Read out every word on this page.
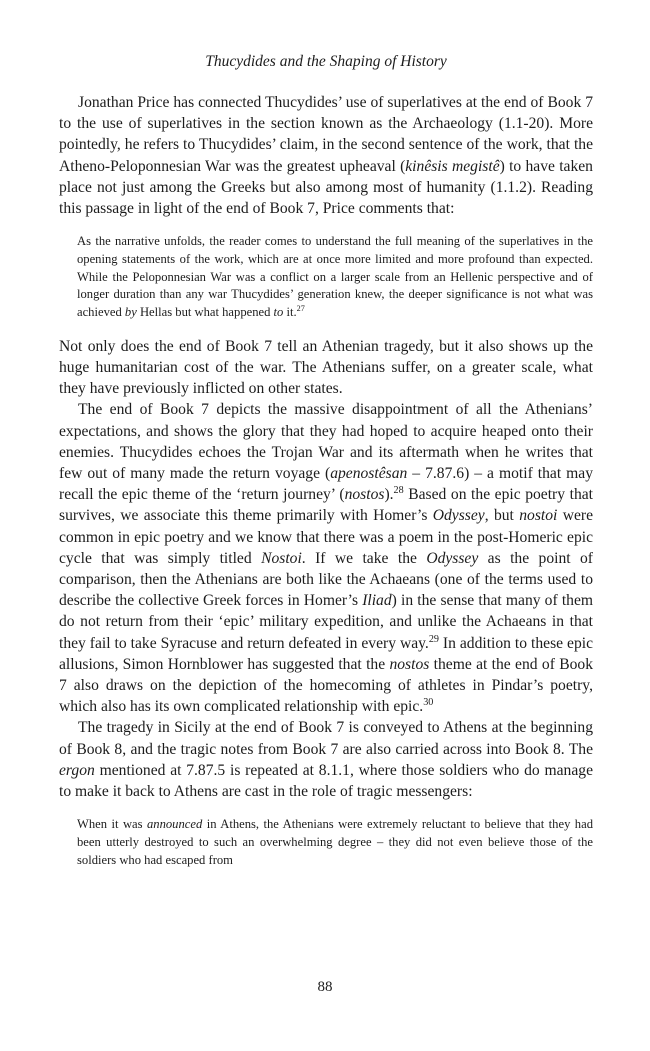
Thucydides and the Shaping of History

Jonathan Price has connected Thucydides’ use of superlatives at the end of Book 7 to the use of superlatives in the section known as the Archaeology (1.1-20). More pointedly, he refers to Thucydides’ claim, in the second sentence of the work, that the Atheno-Peloponnesian War was the greatest upheaval (kinêsis megistê) to have taken place not just among the Greeks but also among most of humanity (1.1.2). Reading this passage in light of the end of Book 7, Price comments that:

As the narrative unfolds, the reader comes to understand the full meaning of the superlatives in the opening statements of the work, which are at once more limited and more profound than expected. While the Peloponnesian War was a conflict on a larger scale from an Hellenic perspective and of longer duration than any war Thucydides’ generation knew, the deeper significance is not what was achieved by Hellas but what happened to it.$^{27}$

Not only does the end of Book 7 tell an Athenian tragedy, but it also shows up the huge humanitarian cost of the war. The Athenians suffer, on a greater scale, what they have previously inflicted on other states.

The end of Book 7 depicts the massive disappointment of all the Athenians’ expectations, and shows the glory that they had hoped to acquire heaped onto their enemies. Thucydides echoes the Trojan War and its aftermath when he writes that few out of many made the return voyage (apenostêsan – 7.87.6) – a motif that may recall the epic theme of the ‘return journey’ (nostos).$^{28}$ Based on the epic poetry that survives, we associate this theme primarily with Homer’s Odyssey, but nostoi were common in epic poetry and we know that there was a poem in the post-Homeric epic cycle that was simply titled Nostoi. If we take the Odyssey as the point of comparison, then the Athenians are both like the Achaeans (one of the terms used to describe the collective Greek forces in Homer’s Iliad) in the sense that many of them do not return from their ‘epic’ military expedition, and unlike the Achaeans in that they fail to take Syracuse and return defeated in every way.$^{29}$ In addition to these epic allusions, Simon Hornblower has suggested that the nostos theme at the end of Book 7 also draws on the depiction of the homecoming of athletes in Pindar’s poetry, which also has its own complicated relationship with epic.$^{30}$

The tragedy in Sicily at the end of Book 7 is conveyed to Athens at the beginning of Book 8, and the tragic notes from Book 7 are also carried across into Book 8. The ergon mentioned at 7.87.5 is repeated at 8.1.1, where those soldiers who do manage to make it back to Athens are cast in the role of tragic messengers:

When it was announced in Athens, the Athenians were extremely reluctant to believe that they had been utterly destroyed to such an overwhelming degree – they did not even believe those of the soldiers who had escaped from

88
